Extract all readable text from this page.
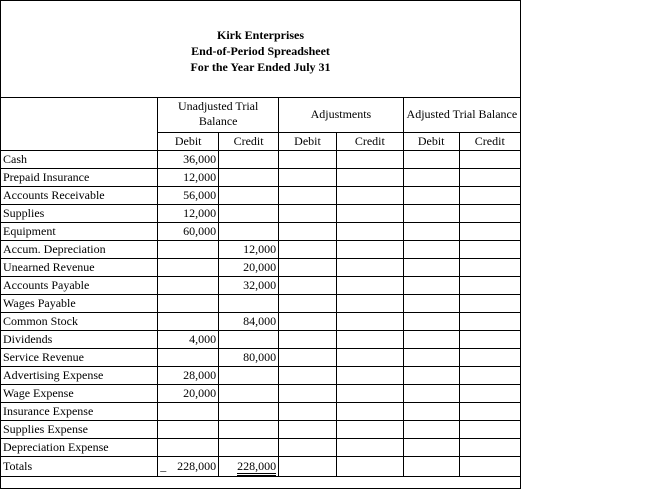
Kirk Enterprises
End-of-Period Spreadsheet
For the Year Ended July 31
	Unadjusted Trial Balance		Adjustments		Adjusted Trial Balance	
	Debit	Credit	Debit	Credit	Debit	Credit
Cash	36,000					
Prepaid Insurance	12,000					
Accounts Receivable	56,000					
Supplies	12,000					
Equipment	60,000					
Accum. Depreciation		12,000				
Unearned Revenue		20,000				
Accounts Payable		32,000				
Wages Payable						
Common Stock		84,000				
Dividends	4,000					
Service Revenue		80,000				
Advertising Expense	28,000					
Wage Expense	20,000					
Insurance Expense						
Supplies Expense						
Depreciation Expense						
Totals	_ 228,000	228,000				
